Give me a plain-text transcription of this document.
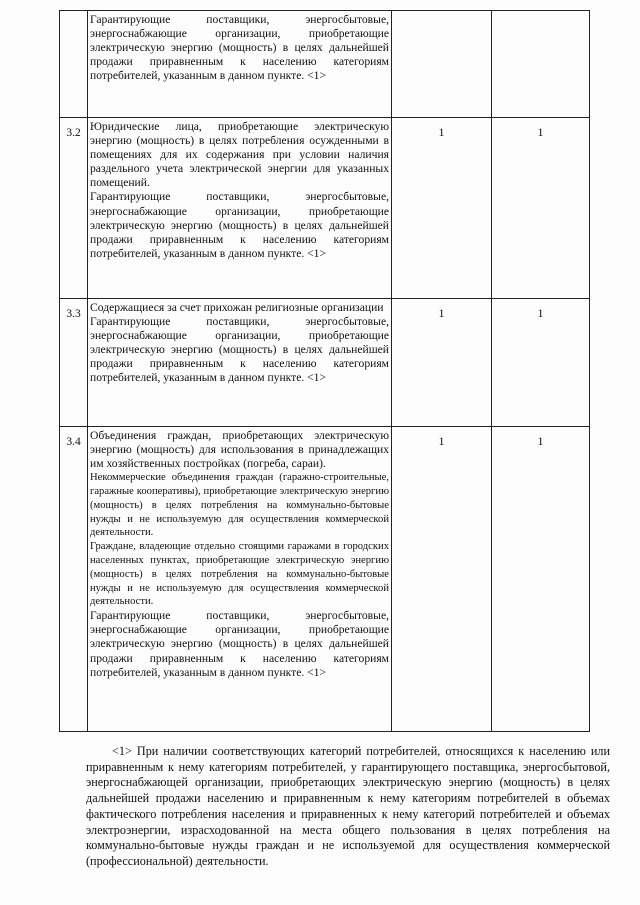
	Гарантирующие поставщики, энергосбытовые, энергоснабжающие организации, приобретающие электрическую энергию (мощность) в целях дальнейшей продажи приравненным к населению категориям потребителей, указанным в данном пункте. <1>		

3.2	Юридические лица, приобретающие электрическую энергию (мощность) в целях потребления осужденными в помещениях для их содержания при условии наличия раздельного учета электрической энергии для указанных помещений.

Гарантирующие поставщики, энергосбытовые, энергоснабжающие организации, приобретающие электрическую энергию (мощность) в целях дальнейшей продажи приравненным к населению категориям потребителей, указанным в данном пункте. <1>	1	1
3.3	Содержащиеся за счет прихожан религиозные организации

Гарантирующие поставщики, энергосбытовые, энергоснабжающие организации, приобретающие электрическую энергию (мощность) в целях дальнейшей продажи приравненным к населению категориям потребителей, указанным в данном пункте. <1>	1	1
3.4	Объединения граждан, приобретающих электрическую энергию (мощность) для использования в принадлежащих им хозяйственных постройках (погреба, сараи).

Некоммерческие объединения граждан (гаражно-строительные, гаражные кооперативы), приобретающие электрическую энергию (мощность) в целях потребления на коммунально-бытовые нужды и не используемую для осуществления коммерческой деятельности.

Граждане, владеющие отдельно стоящими гаражами в городских населенных пунктах, приобретающие электрическую энергию (мощность) в целях потребления на коммунально-бытовые нужды и не используемую для осуществления коммерческой деятельности.

Гарантирующие поставщики, энергосбытовые, энергоснабжающие организации, приобретающие электрическую энергию (мощность) в целях дальнейшей продажи приравненным к населению категориям потребителей, указанным в данном пункте. <1>	1	1

<1> При наличии соответствующих категорий потребителей, относящихся к населению или приравненным к нему категориям потребителей, у гарантирующего поставщика, энергосбытовой, энергоснабжающей организации, приобретающих электрическую энергию (мощность) в целях дальнейшей продажи населению и приравненным к нему категориям потребителей в объемах фактического потребления населения и приравненных к нему категорий потребителей и объемах электроэнергии, израсходованной на места общего пользования в целях потребления на коммунально-бытовые нужды граждан и не используемой для осуществления коммерческой (профессиональной) деятельности.
